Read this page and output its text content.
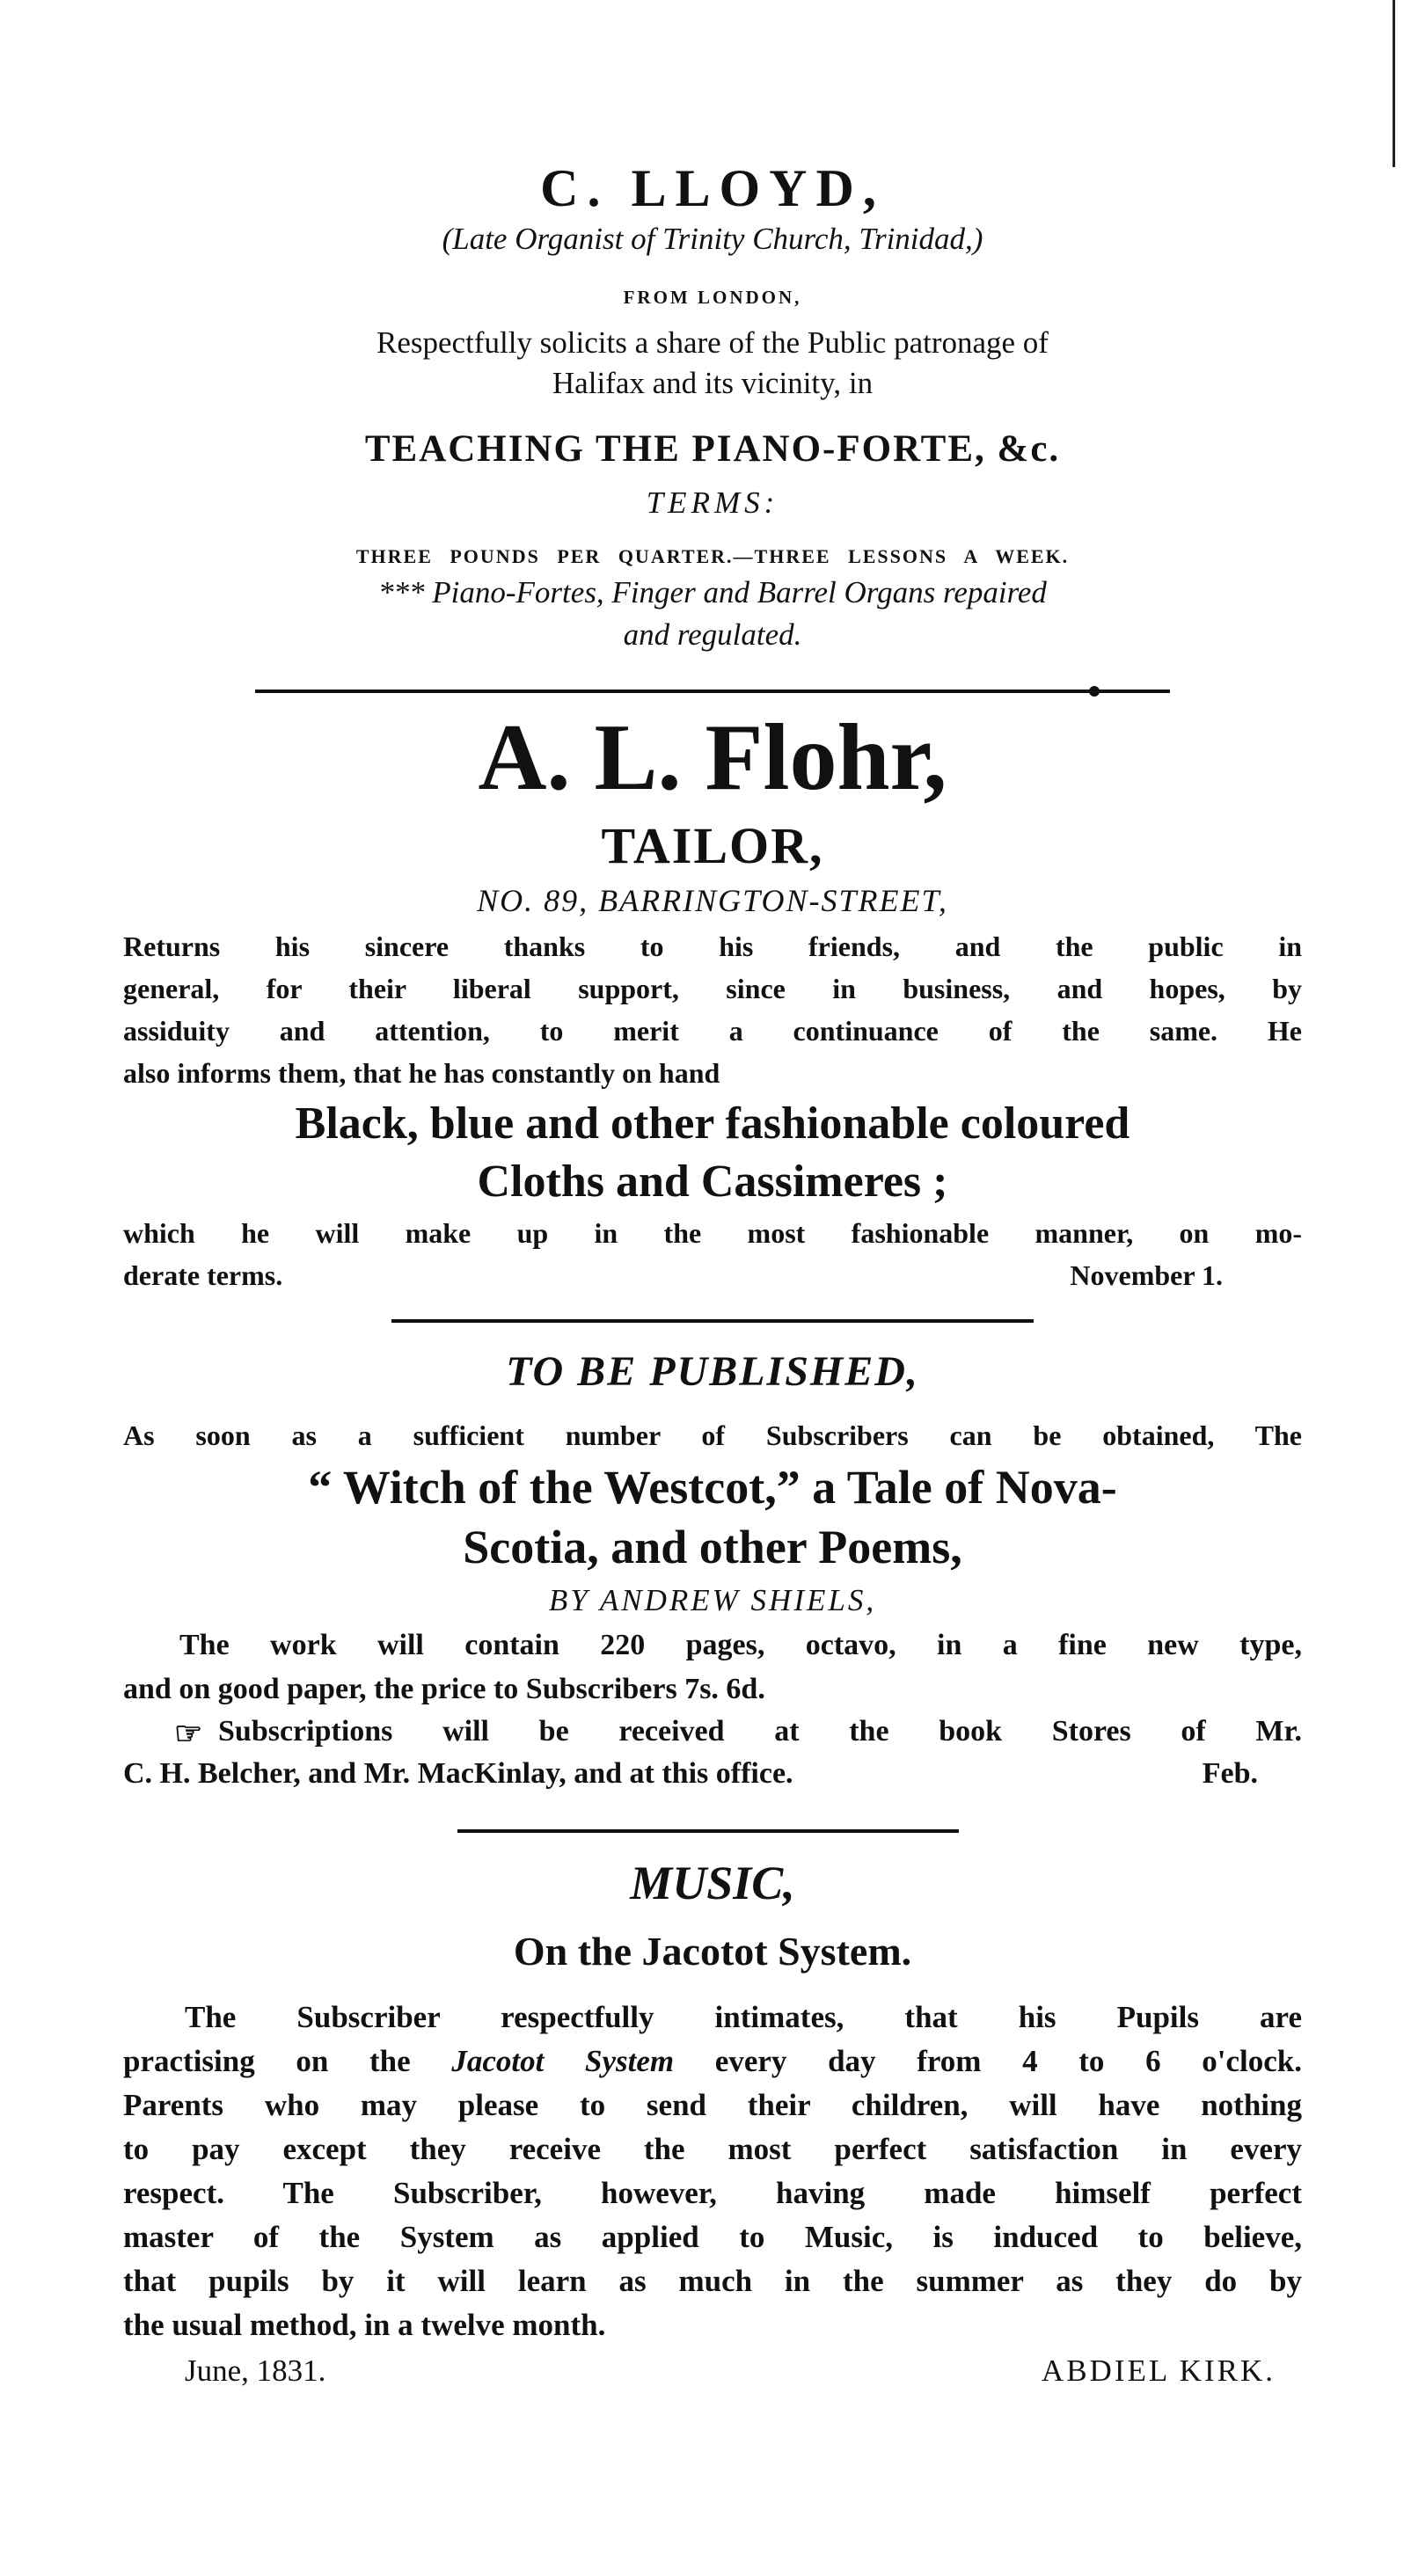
C. LLOYD,
(Late Organist of Trinity Church, Trinidad,)
FROM LONDON,
Respectfully solicits a share of the Public patronage of
Halifax and its vicinity, in
TEACHING THE PIANO-FORTE, &c.
TERMS:
THREE POUNDS PER QUARTER.—THREE LESSONS A WEEK.
*** Piano-Fortes, Finger and Barrel Organs repaired
and regulated.
A. L. Flohr,
TAILOR,
NO. 89, BARRINGTON-STREET,
Returns his sincere thanks to his friends, and the public in
general, for their liberal support, since in business, and hopes, by
assiduity and attention, to merit a continuance of the same. He
also informs them, that he has constantly on hand
Black, blue and other fashionable coloured
Cloths and Cassimeres ;
which he will make up in the most fashionable manner, on mo-
derate terms.	November 1.
TO BE PUBLISHED,
As soon as a sufficient number of Subscribers can be obtained, The
“ Witch of the Westcot,” a Tale of Nova-
Scotia, and other Poems,
BY ANDREW SHIELS,
The work will contain 220 pages, octavo, in a fine new type,
and on good paper, the price to Subscribers 7s. 6d.
☞ Subscriptions will be received at the book Stores of Mr.
C. H. Belcher, and Mr. MacKinlay, and at this office.	Feb.
MUSIC,
On the Jacotot System.
The Subscriber respectfully intimates, that his Pupils are
practising on the Jacotot System every day from 4 to 6 o'clock.
Parents who may please to send their children, will have nothing
to pay except they receive the most perfect satisfaction in every
respect. The Subscriber, however, having made himself perfect
master of the System as applied to Music, is induced to believe,
that pupils by it will learn as much in the summer as they do by
the usual method, in a twelve month.
June, 1831.	ABDIEL KIRK.
